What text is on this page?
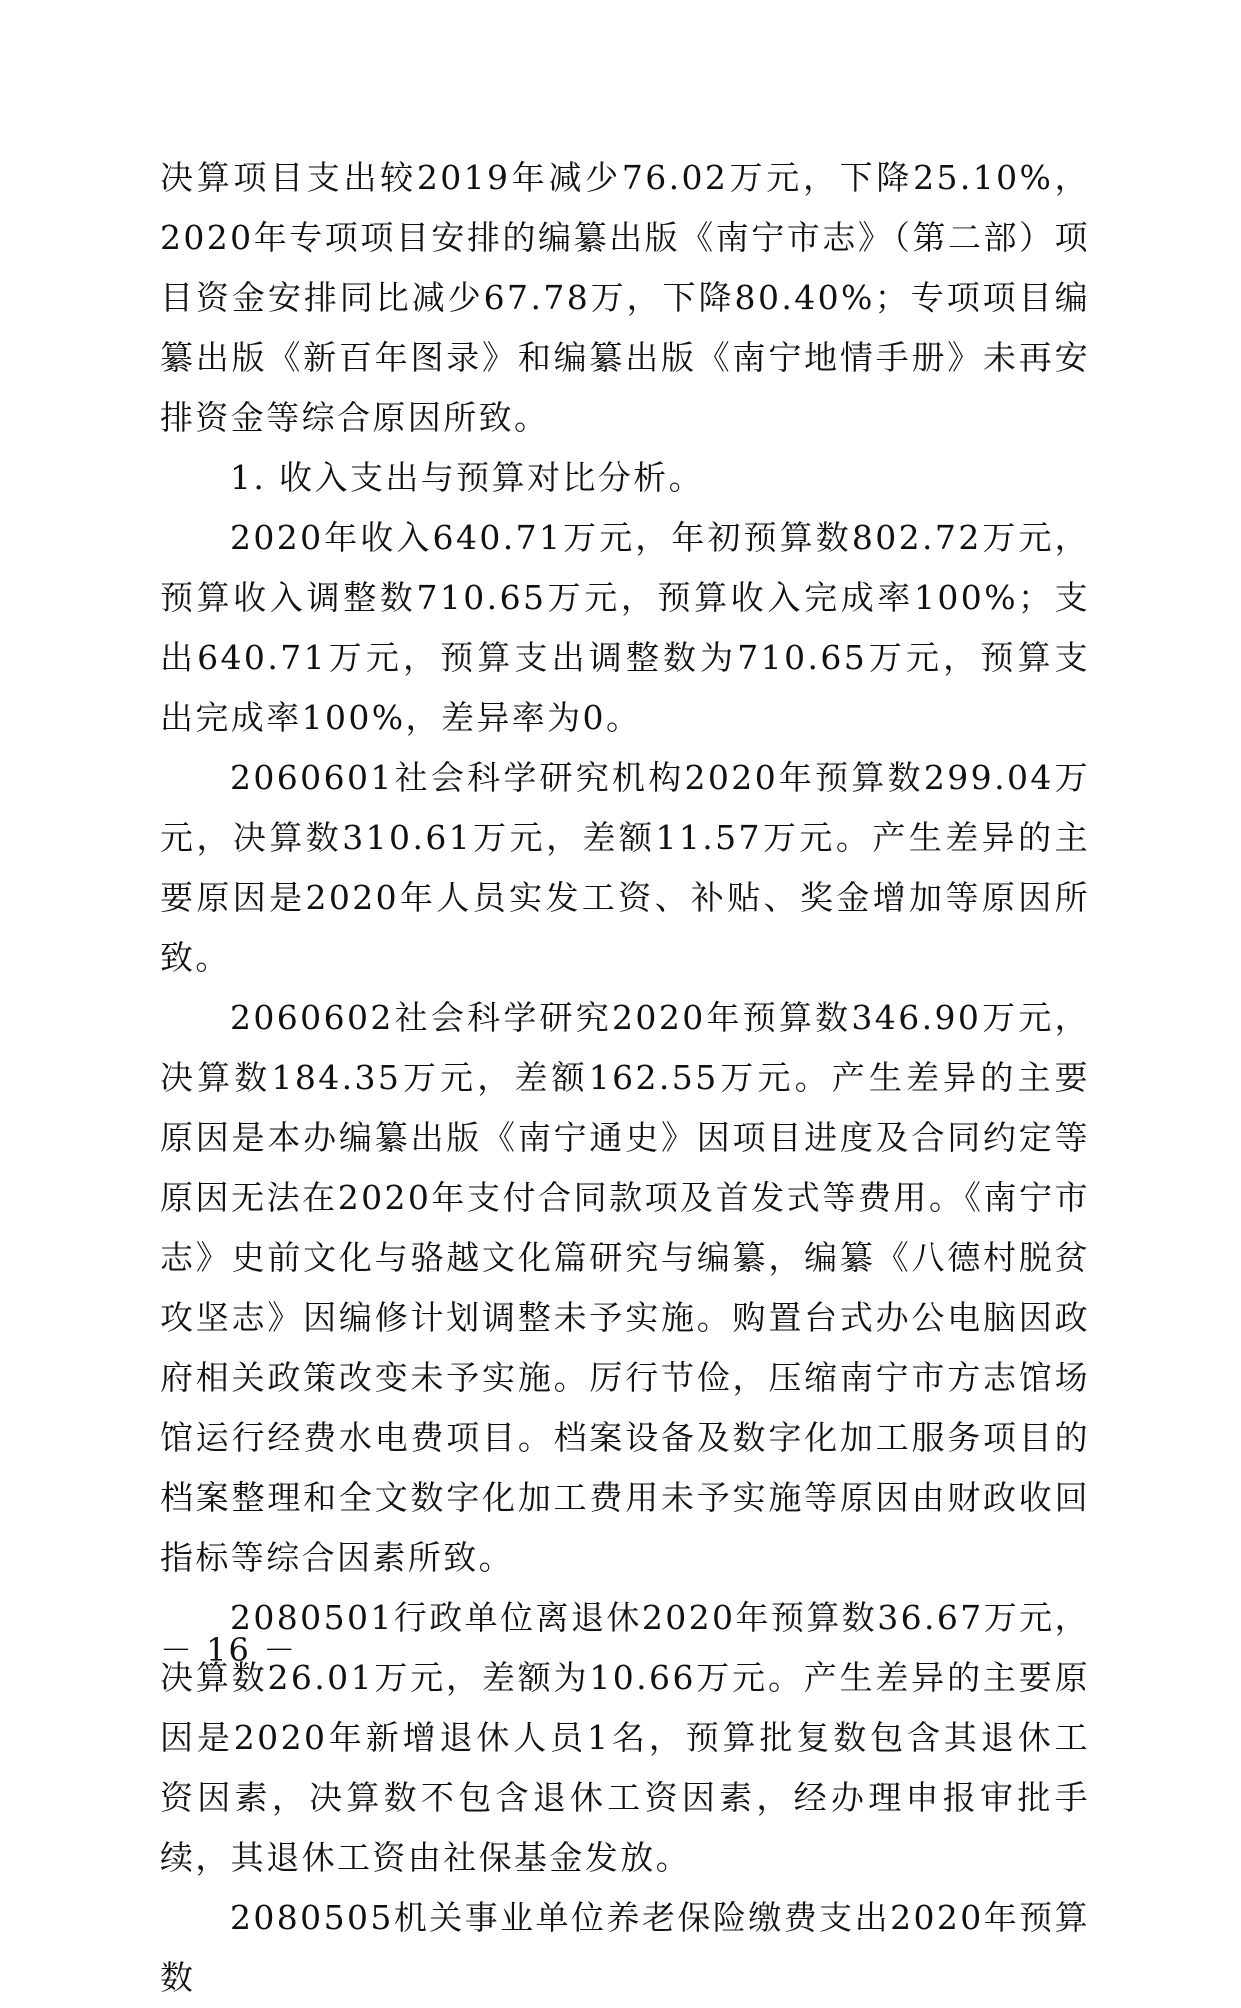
决算项目支出较2019年减少76.02万元，下降25.10%，2020年专项项目安排的编纂出版《南宁市志》（第二部）项目资金安排同比减少67.78万，下降80.40%；专项项目编纂出版《新百年图录》和编纂出版《南宁地情手册》未再安排资金等综合原因所致。

1. 收入支出与预算对比分析。

2020年收入640.71万元，年初预算数802.72万元，预算收入调整数710.65万元，预算收入完成率100%；支出640.71万元，预算支出调整数为710.65万元，预算支出完成率100%，差异率为0。

2060601社会科学研究机构2020年预算数299.04万元，决算数310.61万元，差额11.57万元。产生差异的主要原因是2020年人员实发工资、补贴、奖金增加等原因所致。

2060602社会科学研究2020年预算数346.90万元，决算数184.35万元，差额162.55万元。产生差异的主要原因是本办编纂出版《南宁通史》因项目进度及合同约定等原因无法在2020年支付合同款项及首发式等费用。《南宁市志》史前文化与骆越文化篇研究与编纂，编纂《八德村脱贫攻坚志》因编修计划调整未予实施。购置台式办公电脑因政府相关政策改变未予实施。厉行节俭，压缩南宁市方志馆场馆运行经费水电费项目。档案设备及数字化加工服务项目的档案整理和全文数字化加工费用未予实施等原因由财政收回指标等综合因素所致。

2080501行政单位离退休2020年预算数36.67万元，决算数26.01万元，差额为10.66万元。产生差异的主要原因是2020年新增退休人员1名，预算批复数包含其退休工资因素，决算数不包含退休工资因素，经办理申报审批手续，其退休工资由社保基金发放。

2080505机关事业单位养老保险缴费支出2020年预算数

－ 16 －
